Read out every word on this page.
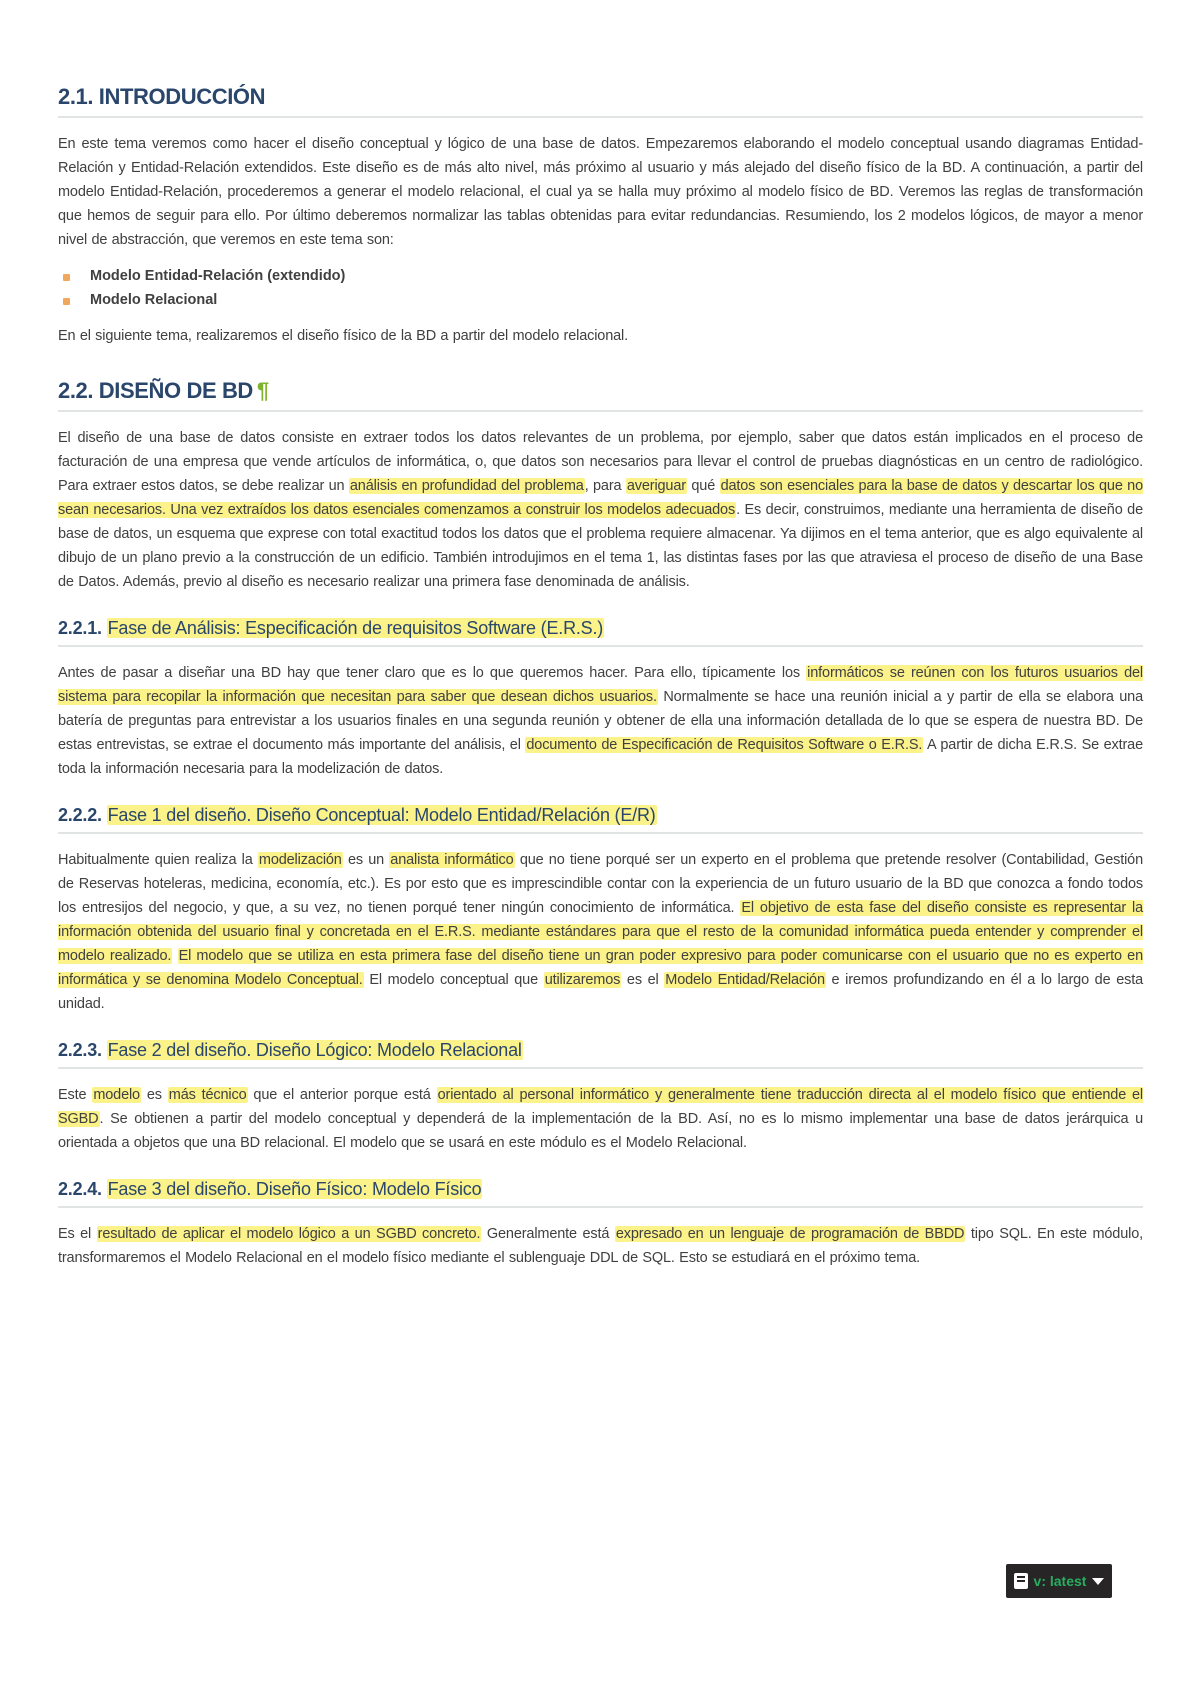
2.1. INTRODUCCIÓN

En este tema veremos como hacer el diseño conceptual y lógico de una base de datos. Empezaremos elaborando el modelo conceptual usando diagramas Entidad-Relación y Entidad-Relación extendidos. Este diseño es de más alto nivel, más próximo al usuario y más alejado del diseño físico de la BD. A continuación, a partir del modelo Entidad-Relación, procederemos a generar el modelo relacional, el cual ya se halla muy próximo al modelo físico de BD. Veremos las reglas de transformación que hemos de seguir para ello. Por último deberemos normalizar las tablas obtenidas para evitar redundancias. Resumiendo, los 2 modelos lógicos, de mayor a menor nivel de abstracción, que veremos en este tema son:

Modelo Entidad-Relación (extendido)
Modelo Relacional

En el siguiente tema, realizaremos el diseño físico de la BD a partir del modelo relacional.

2.2. DISEÑO DE BD ¶

El diseño de una base de datos consiste en extraer todos los datos relevantes de un problema, por ejemplo, saber que datos están implicados en el proceso de facturación de una empresa que vende artículos de informática, o, que datos son necesarios para llevar el control de pruebas diagnósticas en un centro de radiológico. Para extraer estos datos, se debe realizar un análisis en profundidad del problema, para averiguar qué datos son esenciales para la base de datos y descartar los que no sean necesarios. Una vez extraídos los datos esenciales comenzamos a construir los modelos adecuados. Es decir, construimos, mediante una herramienta de diseño de base de datos, un esquema que exprese con total exactitud todos los datos que el problema requiere almacenar. Ya dijimos en el tema anterior, que es algo equivalente al dibujo de un plano previo a la construcción de un edificio. También introdujimos en el tema 1, las distintas fases por las que atraviesa el proceso de diseño de una Base de Datos. Además, previo al diseño es necesario realizar una primera fase denominada de análisis.

2.2.1. Fase de Análisis: Especificación de requisitos Software (E.R.S.)

Antes de pasar a diseñar una BD hay que tener claro que es lo que queremos hacer. Para ello, típicamente los informáticos se reúnen con los futuros usuarios del sistema para recopilar la información que necesitan para saber que desean dichos usuarios. Normalmente se hace una reunión inicial a y partir de ella se elabora una batería de preguntas para entrevistar a los usuarios finales en una segunda reunión y obtener de ella una información detallada de lo que se espera de nuestra BD. De estas entrevistas, se extrae el documento más importante del análisis, el documento de Especificación de Requisitos Software o E.R.S. A partir de dicha E.R.S. Se extrae toda la información necesaria para la modelización de datos.

2.2.2. Fase 1 del diseño. Diseño Conceptual: Modelo Entidad/Relación (E/R)

Habitualmente quien realiza la modelización es un analista informático que no tiene porqué ser un experto en el problema que pretende resolver (Contabilidad, Gestión de Reservas hoteleras, medicina, economía, etc.). Es por esto que es imprescindible contar con la experiencia de un futuro usuario de la BD que conozca a fondo todos los entresijos del negocio, y que, a su vez, no tienen porqué tener ningún conocimiento de informática. El objetivo de esta fase del diseño consiste es representar la información obtenida del usuario final y concretada en el E.R.S. mediante estándares para que el resto de la comunidad informática pueda entender y comprender el modelo realizado. El modelo que se utiliza en esta primera fase del diseño tiene un gran poder expresivo para poder comunicarse con el usuario que no es experto en informática y se denomina Modelo Conceptual. El modelo conceptual que utilizaremos es el Modelo Entidad/Relación e iremos profundizando en él a lo largo de esta unidad.

2.2.3. Fase 2 del diseño. Diseño Lógico: Modelo Relacional

Este modelo es más técnico que el anterior porque está orientado al personal informático y generalmente tiene traducción directa al el modelo físico que entiende el SGBD. Se obtienen a partir del modelo conceptual y dependerá de la implementación de la BD. Así, no es lo mismo implementar una base de datos jerárquica u orientada a objetos que una BD relacional. El modelo que se usará en este módulo es el Modelo Relacional.

2.2.4. Fase 3 del diseño. Diseño Físico: Modelo Físico

Es el resultado de aplicar el modelo lógico a un SGBD concreto. Generalmente está expresado en un lenguaje de programación de BBDD tipo SQL. En este módulo, transformaremos el Modelo Relacional en el modelo físico mediante el sublenguaje DDL de SQL. Esto se estudiará en el próximo tema.

v: latest
